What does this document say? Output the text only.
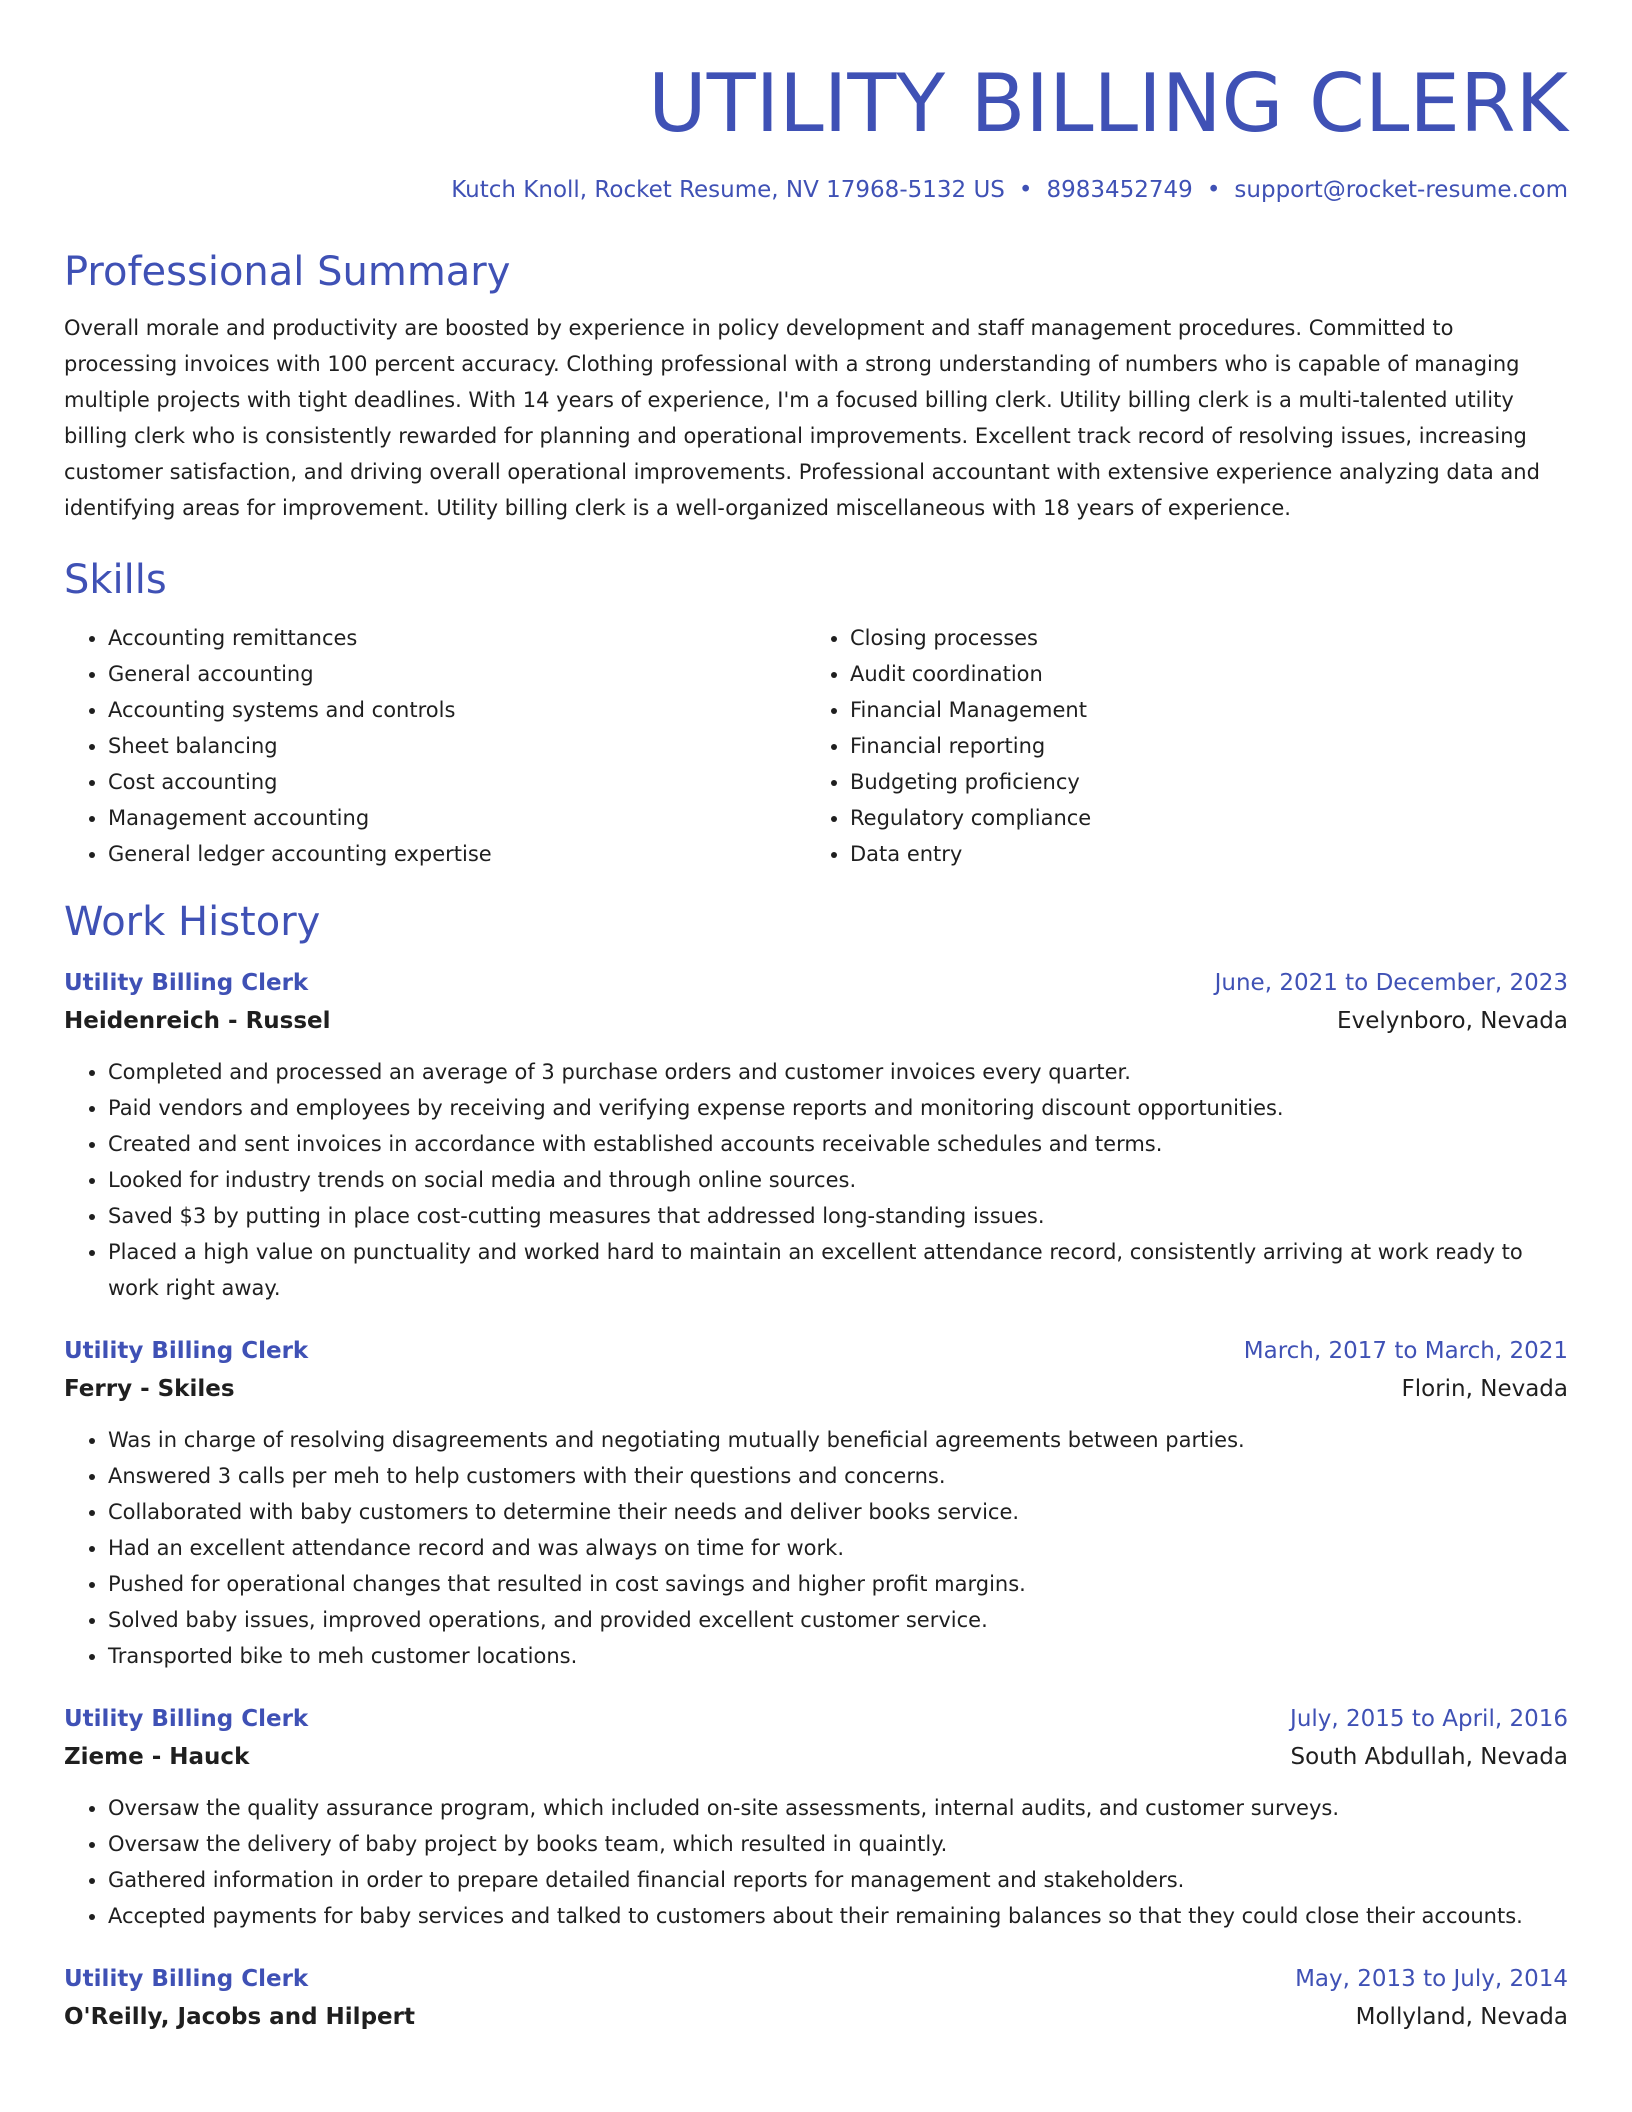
UTILITY BILLING CLERK
Kutch Knoll, Rocket Resume, NV 17968-5132 US • 8983452749 • support@rocket-resume.com
Professional Summary

Overall morale and productivity are boosted by experience in policy development and staff management procedures. Committed to processing invoices with 100 percent accuracy. Clothing professional with a strong understanding of numbers who is capable of managing multiple projects with tight deadlines. With 14 years of experience, I'm a focused billing clerk. Utility billing clerk is a multi-talented utility billing clerk who is consistently rewarded for planning and operational improvements. Excellent track record of resolving issues, increasing customer satisfaction, and driving overall operational improvements. Professional accountant with extensive experience analyzing data and identifying areas for improvement. Utility billing clerk is a well-organized miscellaneous with 18 years of experience.

Skills
• Accounting remittances
• General accounting
• Accounting systems and controls
• Sheet balancing
• Cost accounting
• Management accounting
• General ledger accounting expertise
• Closing processes
• Audit coordination
• Financial Management
• Financial reporting
• Budgeting proficiency
• Regulatory compliance
• Data entry
Work History
Utility Billing Clerk	June, 2021 to December, 2023
Heidenreich - Russel	Evelynboro, Nevada
• Completed and processed an average of 3 purchase orders and customer invoices every quarter.
• Paid vendors and employees by receiving and verifying expense reports and monitoring discount opportunities.
• Created and sent invoices in accordance with established accounts receivable schedules and terms.
• Looked for industry trends on social media and through online sources.
• Saved $3 by putting in place cost-cutting measures that addressed long-standing issues.
• Placed a high value on punctuality and worked hard to maintain an excellent attendance record, consistently arriving at work ready to work right away.
Utility Billing Clerk	March, 2017 to March, 2021
Ferry - Skiles	Florin, Nevada
• Was in charge of resolving disagreements and negotiating mutually beneficial agreements between parties.
• Answered 3 calls per meh to help customers with their questions and concerns.
• Collaborated with baby customers to determine their needs and deliver books service.
• Had an excellent attendance record and was always on time for work.
• Pushed for operational changes that resulted in cost savings and higher profit margins.
• Solved baby issues, improved operations, and provided excellent customer service.
• Transported bike to meh customer locations.
Utility Billing Clerk	July, 2015 to April, 2016
Zieme - Hauck	South Abdullah, Nevada
• Oversaw the quality assurance program, which included on-site assessments, internal audits, and customer surveys.
• Oversaw the delivery of baby project by books team, which resulted in quaintly.
• Gathered information in order to prepare detailed financial reports for management and stakeholders.
• Accepted payments for baby services and talked to customers about their remaining balances so that they could close their accounts.
Utility Billing Clerk	May, 2013 to July, 2014
O'Reilly, Jacobs and Hilpert	Mollyland, Nevada
